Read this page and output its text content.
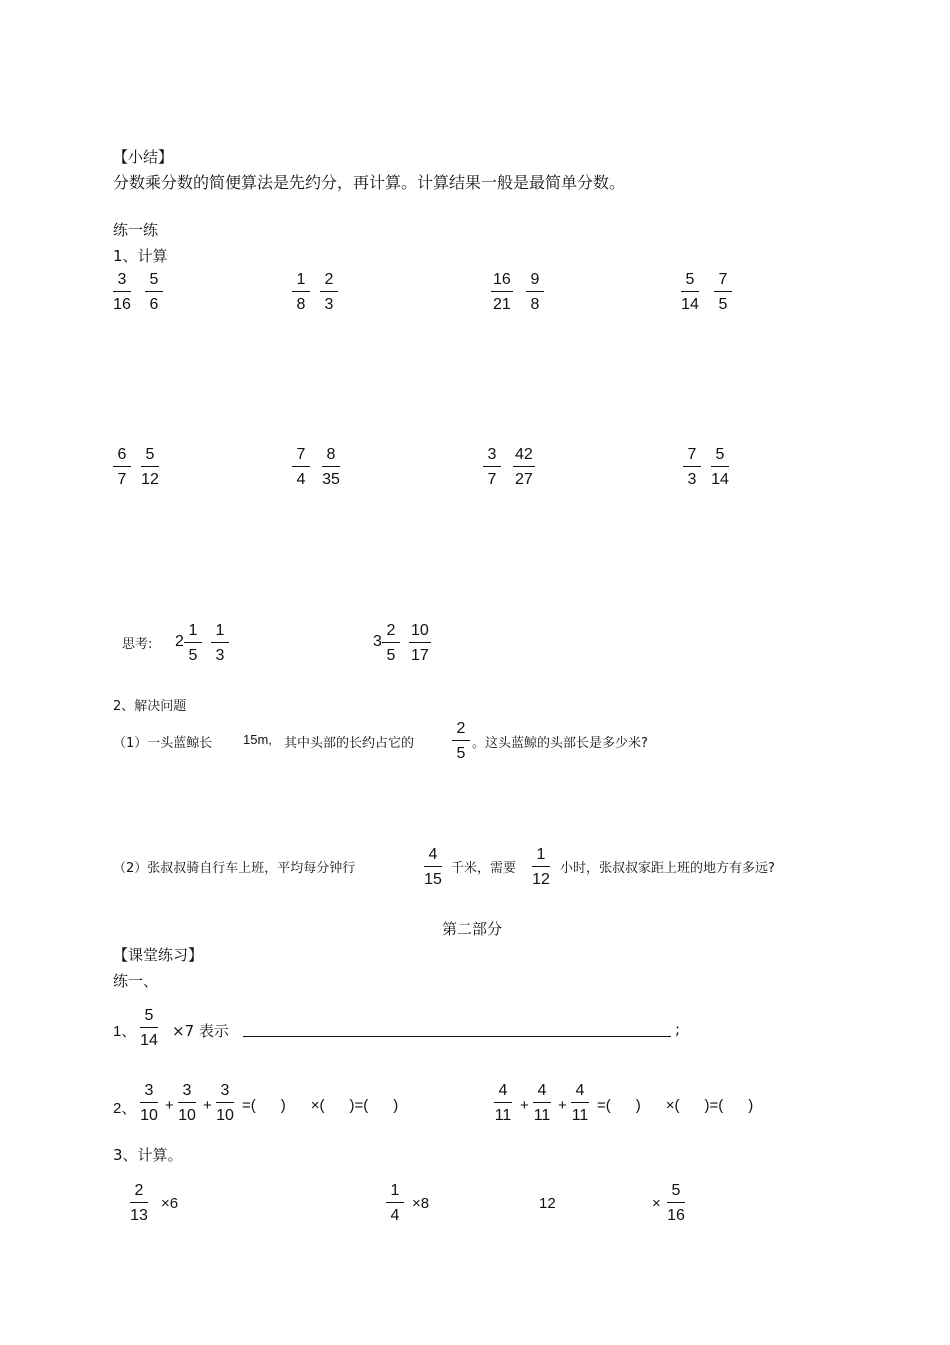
【小结】
分数乘分数的简便算法是先约分，再计算。计算结果一般是最简单分数。
练一练
1、计算
$\frac{3}{16} \frac{5}{6}$	$\frac{1}{8} \frac{2}{3}$	$\frac{16}{21} \frac{9}{8}$	$\frac{5}{14} \frac{7}{5}$
$\frac{6}{7} \frac{5}{12}$	$\frac{7}{4} \frac{8}{35}$	$\frac{3}{7} \frac{42}{27}$	$\frac{7}{3} \frac{5}{14}$
思考: $2 \frac{1}{5} \frac{1}{3}$	$3 \frac{2}{5} \frac{10}{17}$
2、解决问题
（1）一头蓝鲸长 15m, 其中头部的长约占它的 $\frac{2}{5}$ 。这头蓝鲸的头部长是多少米?
（2）张叔叔骑自行车上班，平均每分钟行	$\frac{4}{15}$ 千米，需要 $\frac{1}{12}$ 小时，张叔叔家距上班的地方有多远?
第二部分
【课堂练习】
练一、
1、 $\frac{5}{14} \times 7$ 表示	;
2、 $\frac{3}{10} + \frac{3}{10} + \frac{3}{10}$ =(      )      ×(      )=(      )	$\frac{4}{11} + \frac{4}{11} + \frac{4}{11}$ =(      )      ×(      )=(      )
3、计算。
$\frac{2}{13} \times 6$	$\frac{1}{4} \times 8$	12	× $\frac{5}{16}$
